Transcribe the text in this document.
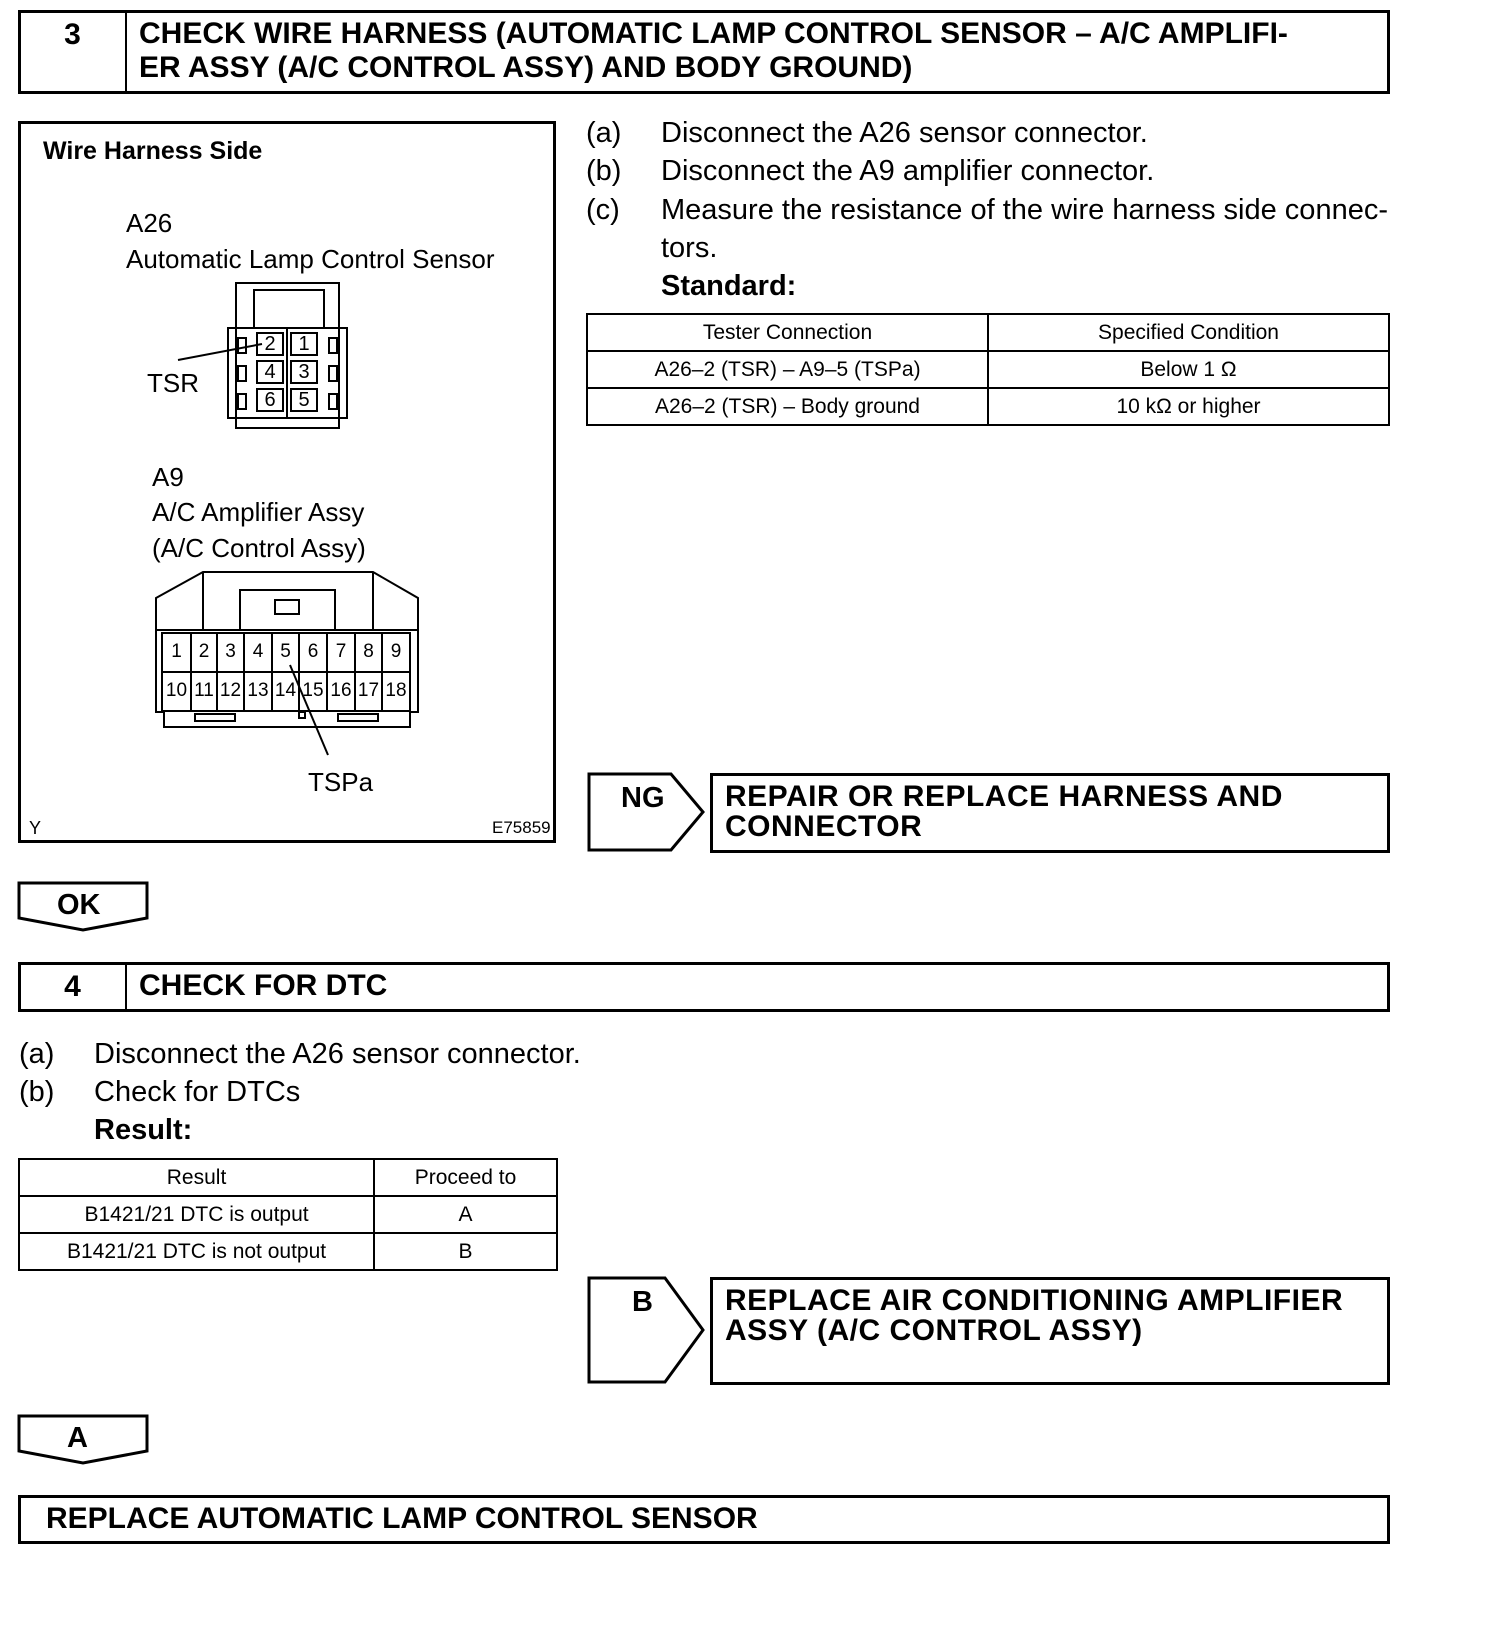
3	CHECK WIRE HARNESS (AUTOMATIC LAMP CONTROL SENSOR – A/C AMPLIFI-
ER ASSY (A/C CONTROL ASSY) AND BODY GROUND)
Wire Harness Side
A26
Automatic Lamp Control Sensor
TSR
2	1
4	3
6	5
A9
A/C Amplifier Assy
(A/C Control Assy)
1 2 3 4 5 6 7 8 9
10 11 12 13 14 15 16 17 18
TSPa
Y	E75859
(a) Disconnect the A26 sensor connector.
(b) Disconnect the A9 amplifier connector.
(c) Measure the resistance of the wire harness side connec-
tors.
Standard:
Tester Connection	Specified Condition
A26–2 (TSR) – A9–5 (TSPa)	Below 1 Ω
A26–2 (TSR) – Body ground	10 kΩ or higher
NG REPAIR OR REPLACE HARNESS AND
CONNECTOR
OK
4	CHECK FOR DTC
(a) Disconnect the A26 sensor connector.
(b) Check for DTCs
Result:
Result	Proceed to
B1421/21 DTC is output	A
B1421/21 DTC is not output	B
B REPLACE AIR CONDITIONING AMPLIFIER
ASSY (A/C CONTROL ASSY)
A
REPLACE AUTOMATIC LAMP CONTROL SENSOR
